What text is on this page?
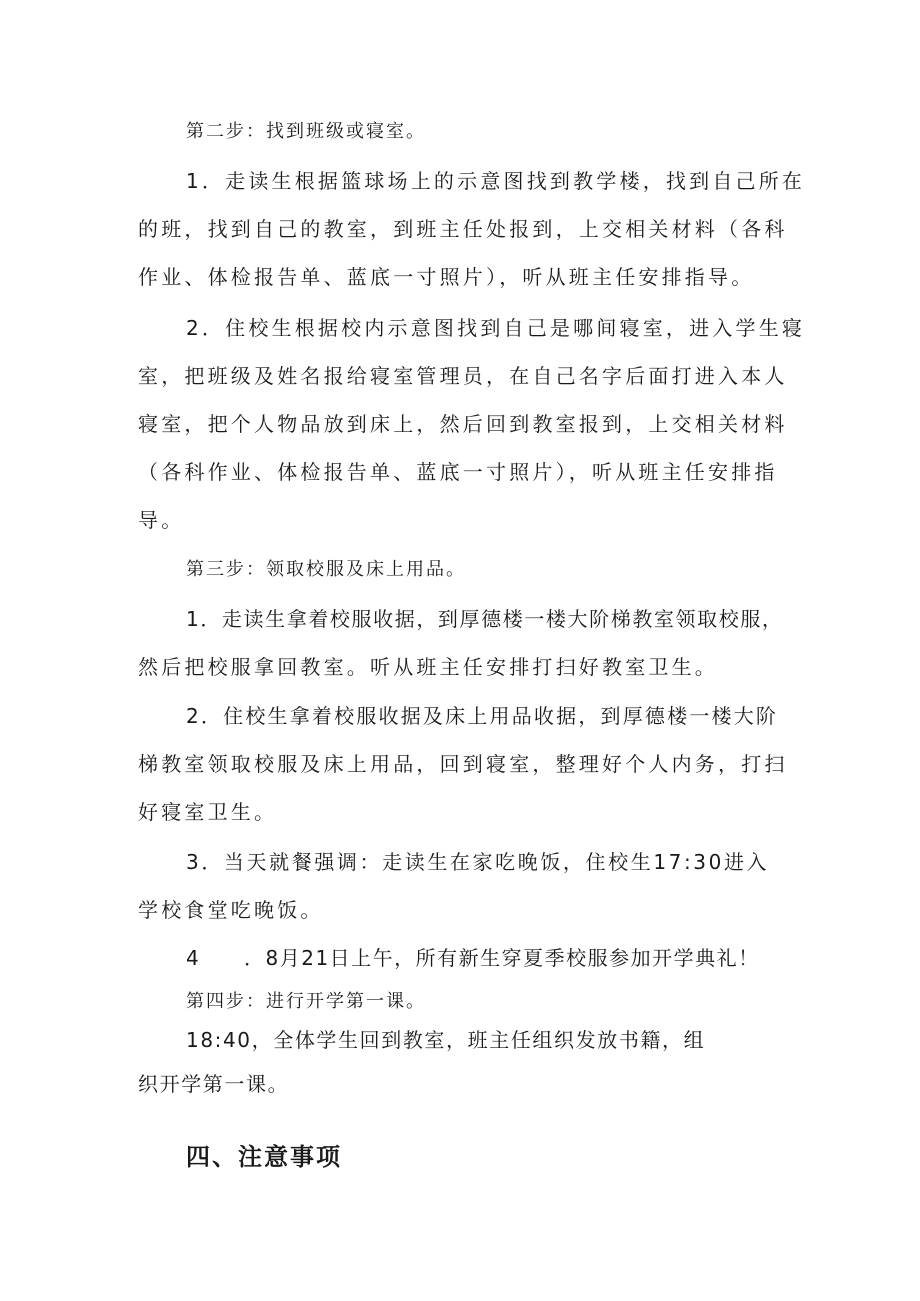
第二步：找到班级或寝室。

1．走读生根据篮球场上的示意图找到教学楼，找到自己所在

的班，找到自己的教室，到班主任处报到，上交相关材料（各科

作业、体检报告单、蓝底一寸照片），听从班主任安排指导。

2．住校生根据校内示意图找到自己是哪间寝室，进入学生寝

室，把班级及姓名报给寝室管理员，在自己名字后面打进入本人

寝室，把个人物品放到床上，然后回到教室报到，上交相关材料

（各科作业、体检报告单、蓝底一寸照片），听从班主任安排指

导。

第三步：领取校服及床上用品。

1．走读生拿着校服收据，到厚德楼一楼大阶梯教室领取校服，

然后把校服拿回教室。听从班主任安排打扫好教室卫生。

2．住校生拿着校服收据及床上用品收据，到厚德楼一楼大阶

梯教室领取校服及床上用品，回到寝室，整理好个人内务，打扫

好寝室卫生。

3．当天就餐强调：走读生在家吃晚饭，住校生17:30进入

学校食堂吃晚饭。

4 ．8月21日上午，所有新生穿夏季校服参加开学典礼！

第四步：进行开学第一课。

18:40，全体学生回到教室，班主任组织发放书籍，组

织开学第一课。

四、注意事项
